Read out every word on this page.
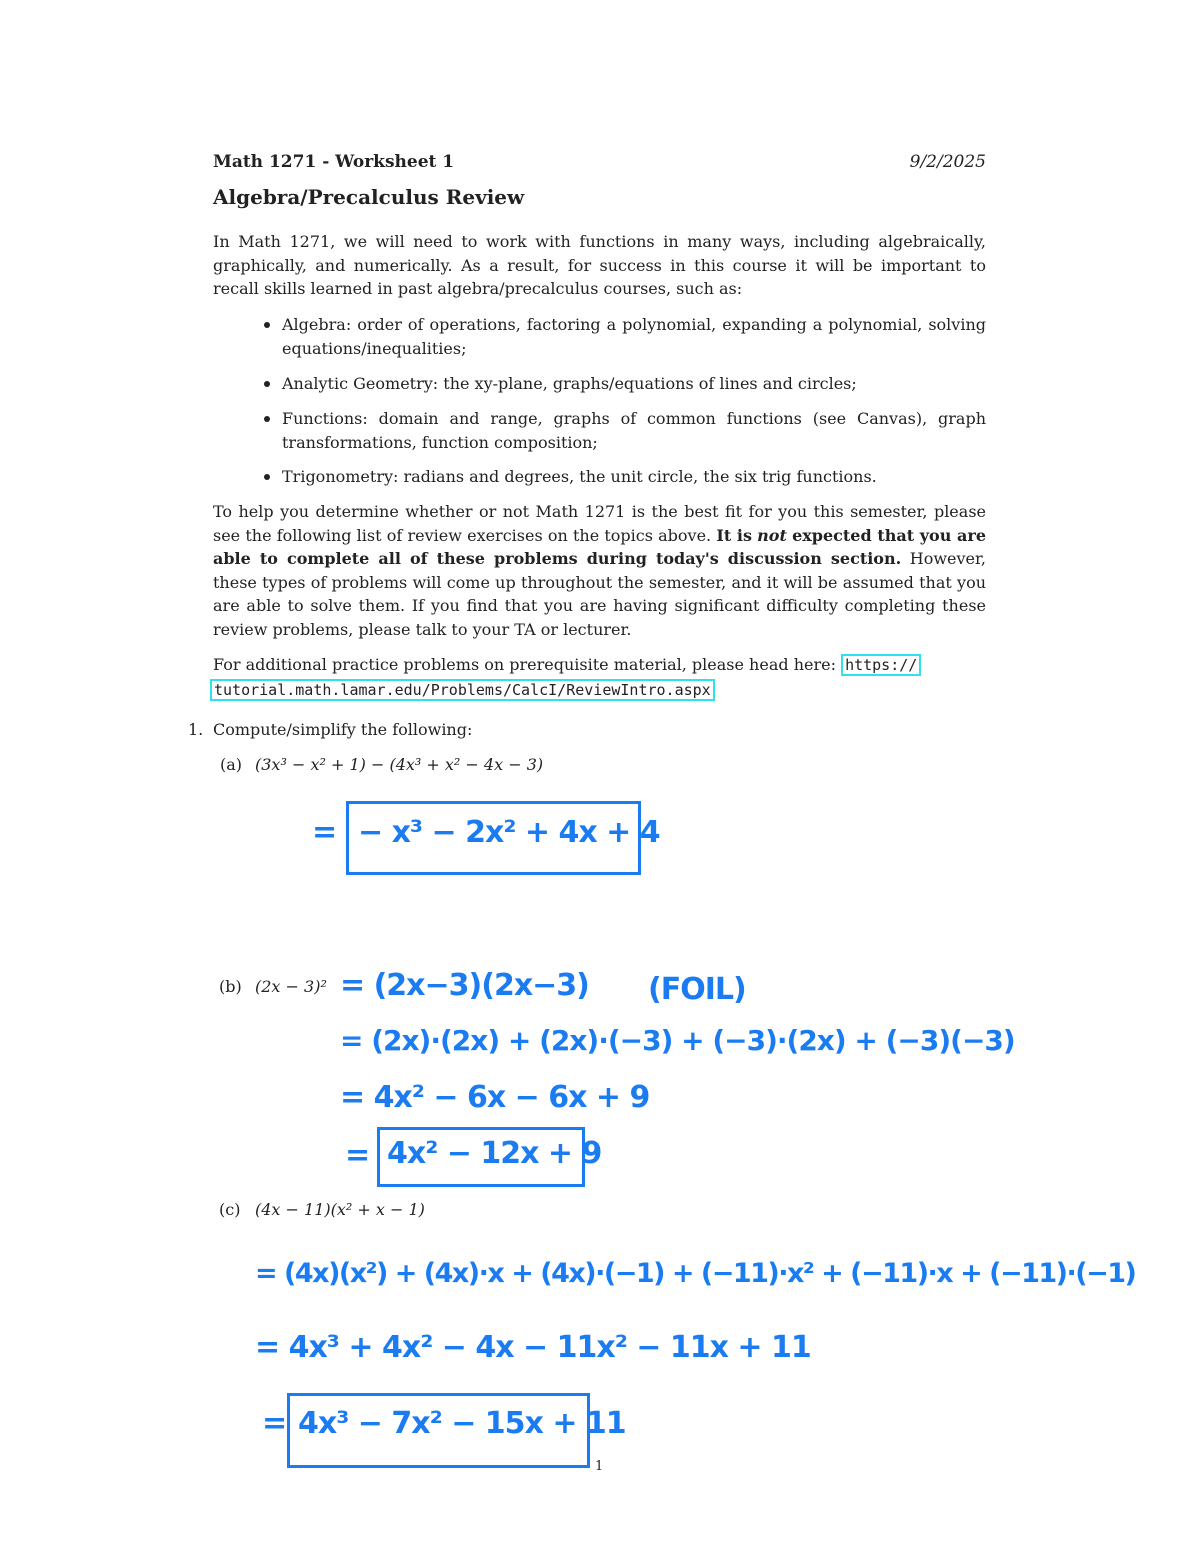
Math 1271 - Worksheet 1	9/2/2025
Algebra/Precalculus Review
In Math 1271, we will need to work with functions in many ways, including algebraically, graphically, and numerically. As a result, for success in this course it will be important to recall skills learned in past algebra/precalculus courses, such as:
Algebra: order of operations, factoring a polynomial, expanding a polynomial, solving equations/inequalities;
Analytic Geometry: the xy-plane, graphs/equations of lines and circles;
Functions: domain and range, graphs of common functions (see Canvas), graph transformations, function composition;
Trigonometry: radians and degrees, the unit circle, the six trig functions.
To help you determine whether or not Math 1271 is the best fit for you this semester, please see the following list of review exercises on the topics above. It is not expected that you are able to complete all of these problems during today's discussion section. However, these types of problems will come up throughout the semester, and it will be assumed that you are able to solve them. If you find that you are having significant difficulty completing these review problems, please talk to your TA or lecturer.
For additional practice problems on prerequisite material, please head here: https://
tutorial.math.lamar.edu/Problems/CalcI/ReviewIntro.aspx
1. Compute/simplify the following:
(a) (3x³ − x² + 1) − (4x³ + x² − 4x − 3)
= − x³ − 2x² + 4x + 4
(b) (2x − 3)² = (2x−3)(2x−3) (FOIL)
= (2x)·(2x) + (2x)·(−3) + (−3)·(2x) + (−3)(−3)
= 4x² − 6x − 6x + 9
= 4x² − 12x + 9
(c) (4x − 11)(x² + x − 1)
= (4x)(x²) + (4x)·x + (4x)·(−1) + (−11)·x² + (−11)·x + (−11)·(−1)
= 4x³ + 4x² − 4x − 11x² − 11x + 11
= 4x³ − 7x² − 15x + 11
1
